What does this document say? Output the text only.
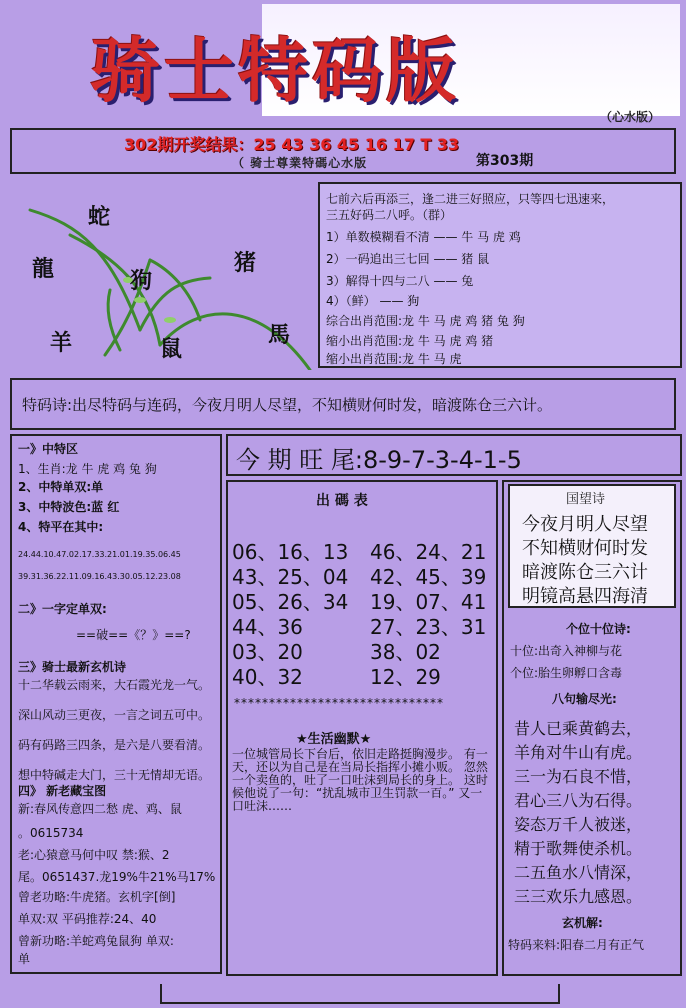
骑士特码版
（心水版）
302期开奖结果：25 43 36 45 16 17 T 33
（ 骑士尊業特碼心水版	第303期
蛇
龍	狗
猪
羊	鼠
馬
七前六后再添三，逢二进三好照应，只等四七迅速来，
三五好码二八呼。（群）
1）单数模糊看不清 —— 牛 马 虎 鸡
2）一码追出三七回 —— 猪 鼠
3）解得十四与二八 —— 兔
4）（鲜） —— 狗
综合出肖范围:龙 牛 马 虎 鸡 猪 兔 狗
缩小出肖范围:龙 牛 马 虎 鸡 猪
缩小出肖范围:龙 牛 马 虎
特码诗:出尽特码与连码，今夜月明人尽望，不知横财何时发，暗渡陈仓三六计。
一》中特区
1、生肖:龙 牛 虎 鸡 兔 狗
2、中特单双:单
3、中特波色:蓝 红
4、特平在其中:
24.44.10.47.02.17.33.21.01.19.35.06.45
39.31.36.22.11.09.16.43.30.05.12.23.08
二》一字定单双:
==破==《？》==?
三》骑士最新玄机诗
十二华载云雨来，大石霞光龙一气。
深山风动三更夜，一言之词五可中。
码有码路三四条，是六是八要看清。
想中特碱走大门，三十无情却无语。
四》 新老藏宝图
新:春风传意四二愁 虎、鸡、鼠
。0615734
老:心猿意马何中叹 禁:猴、2
尾。0651437.龙19%牛21%马17%
曾老功略:牛虎猪。玄机字[倒]
单双:双 平码推荐:24、40
曾新功略:羊蛇鸡兔鼠狗 单双:
单
今 期 旺 尾:8-9-7-3-4-1-5
出 碼 表
06、16、13 46、24、21
43、25、04 42、45、39
05、26、34 19、07、41
44、36	27、23、31
03、20	38、02
40、32	12、29
******************************
★生活幽默★
一位城管局长下台后，依旧走路挺胸漫步。 有一天，还以为自己是在当局长指挥小摊小贩。 忽然一个卖鱼的，吐了一口吐沫到局长的身上。 这时候他说了一句：“扰乱城市卫生罚款一百。” 又一口吐沫……
国望诗
今夜月明人尽望
不知横财何时发
暗渡陈仓三六计
明镜高悬四海清
个位十位诗:
十位:出奇入神柳与花
个位:胎生卵孵口含毒
八句输尽光:
昔人已乘黄鹤去，
羊角对牛山有虎。
三一为石良不惜，
君心三八为石得。
姿态万千人被迷，
精于歌舞使杀机。
二五鱼水八情深，
三三欢乐九感恩。
玄机解:
特码来料:阳春二月有正气
